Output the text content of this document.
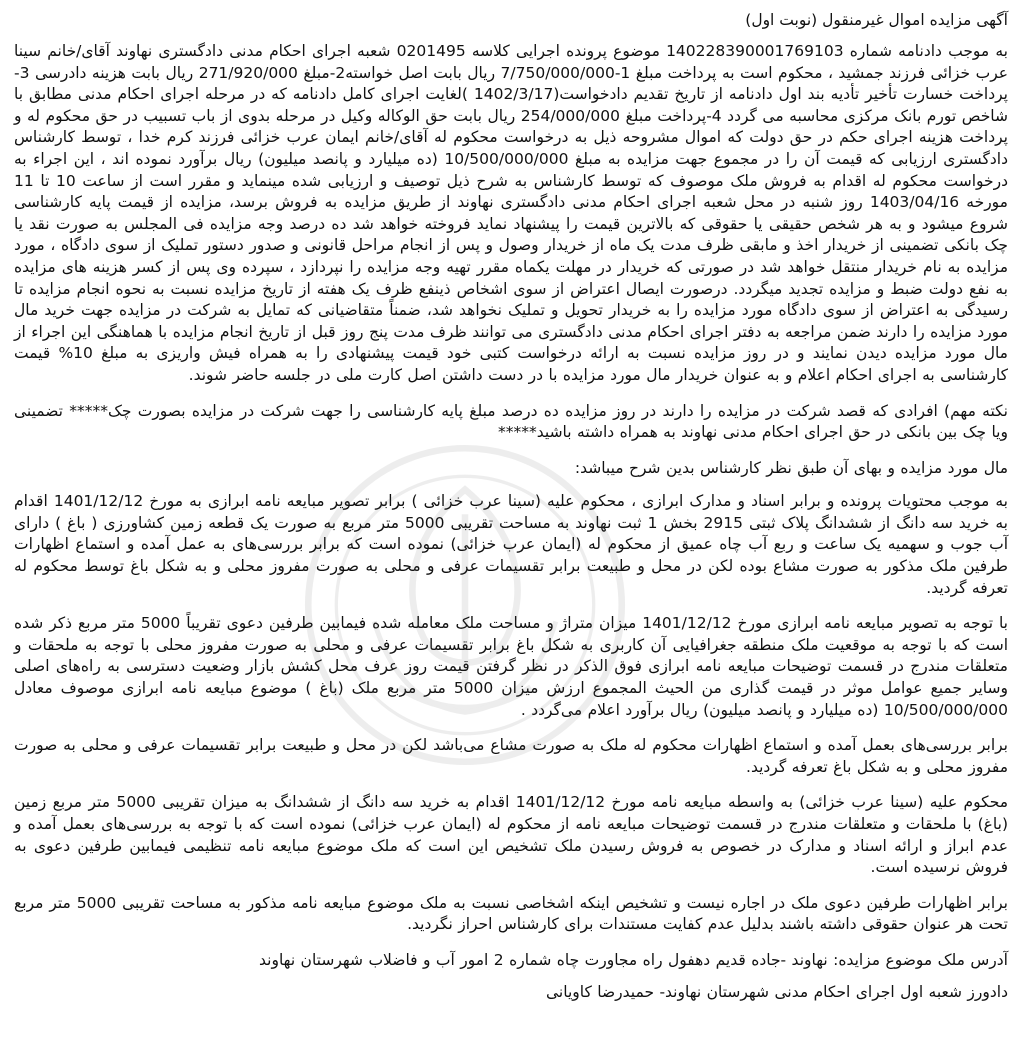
آگهی مزایده اموال غیرمنقول (نوبت اول)

به موجب دادنامه شماره 140228390001769103 موضوع پرونده اجرایی کلاسه 0201495 شعبه اجرای احکام مدنی دادگستری نهاوند آقای/خانم سینا عرب خزائی فرزند جمشید ، محکوم است به پرداخت مبلغ 1-7/750/000/000 ریال بابت اصل خواسته2-مبلغ 271/920/000 ریال بابت هزینه دادرسی 3-پرداخت خسارت تأخیر تأدیه بند اول دادنامه از تاریخ تقدیم دادخواست(1402/3/17 )لغایت اجرای کامل دادنامه که در مرحله اجرای احکام مدنی مطابق با شاخص تورم بانک مرکزی محاسبه می گردد 4-پرداخت مبلغ 254/000/000 ریال بابت حق الوکاله وکیل در مرحله بدوی از باب تسبیب در حق محکوم له و پرداخت هزینه اجرای حکم در حق دولت که اموال مشروحه ذیل به درخواست محکوم له آقای/خانم ایمان عرب خزائی فرزند کرم خدا ، توسط کارشناس دادگستری ارزیابی که قیمت آن را در مجموع جهت مزایده به مبلغ 10/500/000/000 (ده میلیارد و پانصد میلیون) ریال برآورد نموده اند ، این اجراء به درخواست محکوم له اقدام به فروش ملک موصوف که توسط کارشناس به شرح ذیل توصیف و ارزیابی شده مینماید و مقرر است از ساعت 10 تا 11 مورخه 1403/04/16 روز شنبه در محل شعبه اجرای احکام مدنی دادگستری نهاوند از طریق مزایده به فروش برسد، مزایده از قیمت پایه کارشناسی شروع میشود و به هر شخص حقیقی یا حقوقی که بالاترین قیمت را پیشنهاد نماید فروخته خواهد شد ده درصد وجه مزایده فی المجلس به صورت نقد یا چک بانکی تضمینی از خریدار اخذ و مابقی ظرف مدت یک ماه از خریدار وصول و پس از انجام مراحل قانونی و صدور دستور تملیک از سوی دادگاه ، مورد مزایده به نام خریدار منتقل خواهد شد در صورتی که خریدار در مهلت یکماه مقرر تهیه وجه مزایده را نپردازد ، سپرده وی پس از کسر هزینه های مزایده به نفع دولت ضبط و مزایده تجدید میگردد. درصورت ایصال اعتراض از سوی اشخاص ذینفع ظرف یک هفته از تاریخ مزایده نسبت به نحوه انجام مزایده تا رسیدگی به اعتراض از سوی دادگاه مورد مزایده را به خریدار تحویل و تملیک نخواهد شد، ضمناً متقاضیانی که تمایل به شرکت در مزایده جهت خرید مال مورد مزایده را دارند ضمن مراجعه به دفتر اجرای احکام مدنی دادگستری می توانند ظرف مدت پنج روز قبل از تاریخ انجام مزایده با هماهنگی این اجراء از مال مورد مزایده دیدن نمایند و در روز مزایده نسبت به ارائه درخواست کتبی خود قیمت پیشنهادی را به همراه فیش واریزی به مبلغ 10% قیمت کارشناسی به اجرای احکام اعلام و به عنوان خریدار مال مورد مزایده با در دست داشتن اصل کارت ملی در جلسه حاضر شوند.

نکته مهم) افرادی که قصد شرکت در مزایده را دارند در روز مزایده ده درصد مبلغ پایه کارشناسی را جهت شرکت در مزایده بصورت چک***** تضمینی ویا چک بین بانکی در حق اجرای احکام مدنی نهاوند به همراه داشته باشید*****

مال مورد مزایده و بهای آن طبق نظر کارشناس بدین شرح میباشد:

به موجب محتویات پرونده و برابر اسناد و مدارک ابرازی ، محکوم علیه (سینا عرب خزائی ) برابر تصویر مبایعه نامه ابرازی به مورخ 1401/12/12 اقدام به خرید سه دانگ از ششدانگ پلاک ثبتی 2915 بخش 1 ثبت نهاوند به مساحت تقریبی 5000 متر مربع به صورت یک قطعه زمین کشاورزی ( باغ ) دارای آب جوب و سهمیه یک ساعت و ربع آب چاه عمیق از محکوم له (ایمان عرب خزائی) نموده است که برابر بررسی‌های به عمل آمده و استماع اظهارات طرفین ملک مذکور به صورت مشاع بوده لکن در محل و طبیعت برابر تقسیمات عرفی و محلی به صورت مفروز محلی و به شکل باغ توسط محکوم له تعرفه گردید.

با توجه به تصویر مبایعه نامه ابرازی مورخ 1401/12/12 میزان متراژ و مساحت ملک معامله شده فیمابین طرفین دعوی تقریباً 5000 متر مربع ذکر شده است که با توجه به موقعیت ملک منطقه جغرافیایی آن کاربری به شکل باغ برابر تقسیمات عرفی و محلی به صورت مفروز محلی با توجه به ملحقات و متعلقات مندرج در قسمت توضیحات مبایعه نامه ابرازی فوق الذکر در نظر گرفتن قیمت روز عرف محل کشش بازار وضعیت دسترسی به راه‌های اصلی وسایر جمیع عوامل موثر در قیمت گذاری من الحیث المجموع ارزش میزان 5000 متر مربع ملک (باغ ) موضوع مبایعه نامه ابرازی موصوف معادل 10/500/000/000 (ده میلیارد و پانصد میلیون) ریال برآورد اعلام می‌گردد .

برابر بررسی‌های بعمل آمده و استماع اظهارات محکوم له ملک به صورت مشاع می‌باشد لکن در محل و طبیعت برابر تقسیمات عرفی و محلی به صورت مفروز محلی و به شکل باغ تعرفه گردید.

محکوم علیه (سینا عرب خزائی) به واسطه مبایعه نامه مورخ 1401/12/12 اقدام به خرید سه دانگ از ششدانگ به میزان تقریبی 5000 متر مربع زمین (باغ) با ملحقات و متعلقات مندرج در قسمت توضیحات مبایعه نامه از محکوم له (ایمان عرب خزائی) نموده است که با توجه به بررسی‌های بعمل آمده و عدم ابراز و ارائه اسناد و مدارک در خصوص به فروش رسیدن ملک تشخیص این است که ملک موضوع مبایعه نامه تنظیمی فیمابین طرفین دعوی به فروش نرسیده است.

برابر اظهارات طرفین دعوی ملک در اجاره نیست و تشخیص اینکه اشخاصی نسبت به ملک موضوع مبایعه نامه مذکور به مساحت تقریبی 5000 متر مربع تحت هر عنوان حقوقی داشته باشند بدلیل عدم کفایت مستندات برای کارشناس احراز نگردید.

آدرس ملک موضوع مزایده: نهاوند -جاده قدیم دهفول راه مجاورت چاه شماره 2 امور آب و فاضلاب شهرستان نهاوند

دادورز شعبه اول اجرای احکام مدنی شهرستان نهاوند- حمیدرضا کاویانی
